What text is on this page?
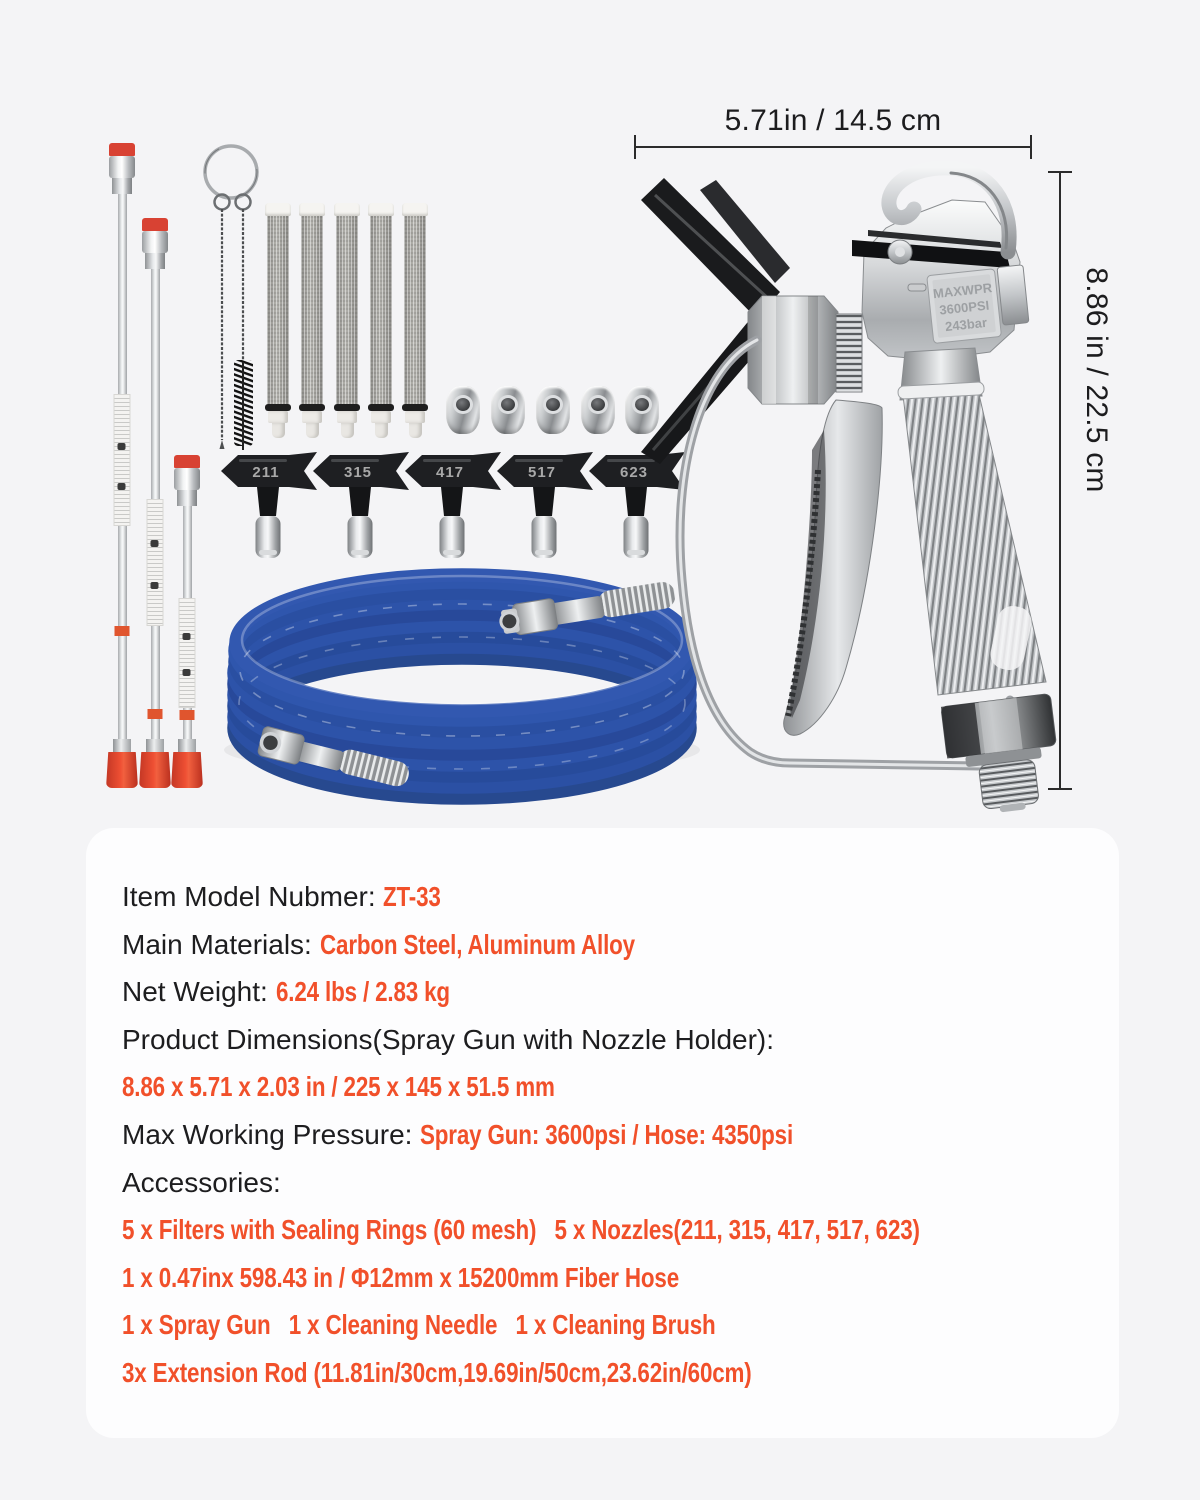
5.71in / 14.5 cm
8.86 in / 22.5 cm
211	315	417	517	623
MAXWPR
3600PSI
243bar
Item Model Nubmer: ZT-33
Main Materials: Carbon Steel, Aluminum Alloy
Net Weight: 6.24 lbs / 2.83 kg
Product Dimensions(Spray Gun with Nozzle Holder):
8.86 x 5.71 x 2.03 in / 225 x 145 x 51.5 mm
Max Working Pressure: Spray Gun: 3600psi / Hose: 4350psi
Accessories:
5 x Filters with Sealing Rings (60 mesh)   5 x Nozzles(211, 315, 417, 517, 623)
1 x 0.47inx 598.43 in / Φ12mm x 15200mm Fiber Hose
1 x Spray Gun   1 x Cleaning Needle   1 x Cleaning Brush
3x Extension Rod (11.81in/30cm,19.69in/50cm,23.62in/60cm)
